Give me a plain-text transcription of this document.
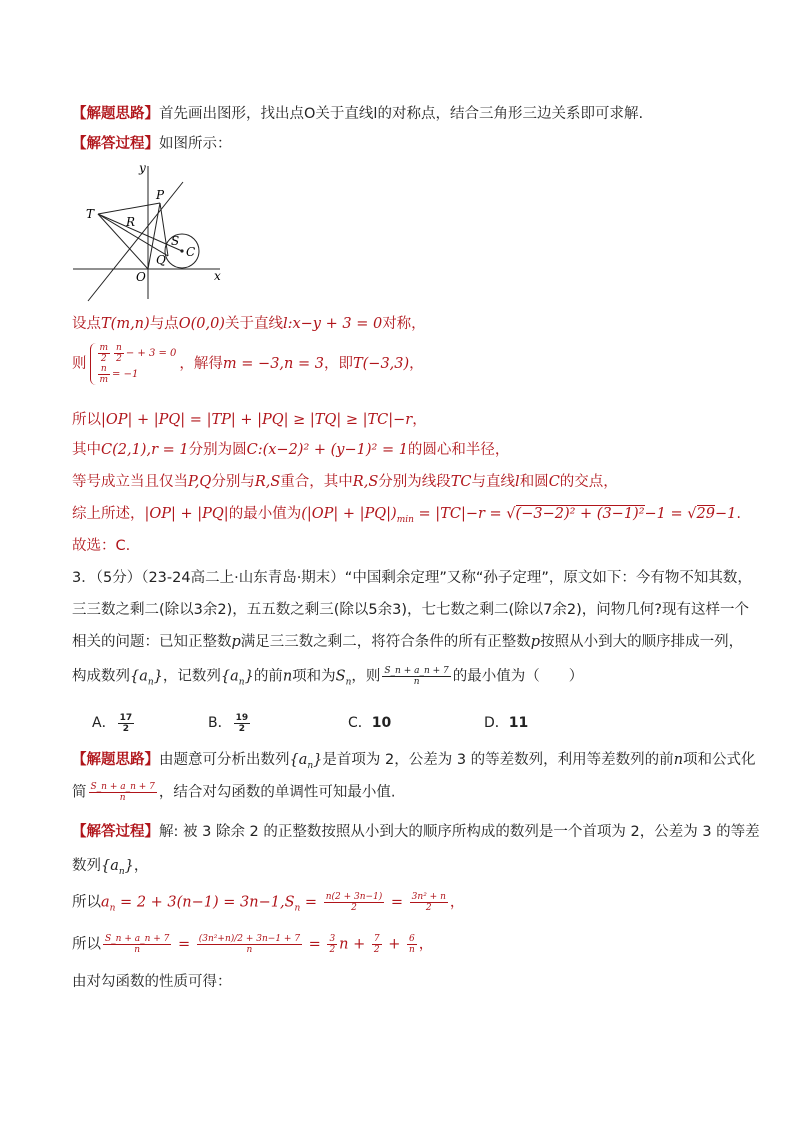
【解题思路】首先画出图形，找出点O关于直线l的对称点，结合三角形三边关系即可求解.
【解答过程】如图所示：
y
P
T
R
S
C
Q
O	x
设点T(m,n)与点O(0,0)关于直线l:x−y + 3 = 0对称，
则 $\frac{m}{2} \frac{n}{2}$ − + 3 = 0
$\frac{n}{m} = -1$
，解得m = −3,n = 3，即T(−3,3)，
所以|OP| + |PQ| = |TP| + |PQ| ≥ |TQ| ≥ |TC|−r，
其中C(2,1),r = 1分别为圆C:(x−2)² + (y−1)² = 1的圆心和半径，
等号成立当且仅当P,Q分别与R,S重合，其中R,S分别为线段TC与直线l和圆C的交点，
综上所述，|OP| + |PQ|的最小值为$(|OP| + |PQ|)_{min} = |TC|-r = √(-3-2)^2 + (3-1)^2-1 = √29-1$.
故选：C.
3．（5分）（23-24高二上·山东青岛·期末）“中国剩余定理”又称“孙子定理”，原文如下：今有物不知其数，
三三数之剩二(除以3余2)，五五数之剩三(除以5余3)，七七数之剩二(除以7余2)，问物几何?现有这样一个
相关的问题：已知正整数p满足三三数之剩二，将符合条件的所有正整数p按照从小到大的顺序排成一列，
构成数列$\{a_n\}$，记数列$\{a_n\}$的前n项和为$S_n$，则 $\frac{S\_n + a\_n + 7}{n}$ 的最小值为（　　）
A． $\frac{17}{2}$	B． $\frac{19}{2}$	C．10	D．11
【解题思路】由题意可分析出数列$\{a_n\}$是首项为 2，公差为 3 的等差数列，利用等差数列的前n项和公式化
简 $\frac{S\_n + a\_n + 7}{n}$ ，结合对勾函数的单调性可知最小值.
【解答过程】解: 被 3 除余 2 的正整数按照从小到大的顺序所构成的数列是一个首项为 2，公差为 3 的等差
数列$\{a_n\}$，
所以$a_n = 2 + 3(n-1) = 3n-1,S_n = \frac{n(2 + 3n-1)}{2} = \frac{\text{3n² + n}}{2}$ ，
所以 $\frac{S\_n + a\_n + 7}{n} = \frac{\text{(3n²+n)/2 + 3n−1 + 7}}{n} = \frac{3}{2}$ $n + \frac{7}{2} + \frac{6}{n}$ ，
由对勾函数的性质可得：
